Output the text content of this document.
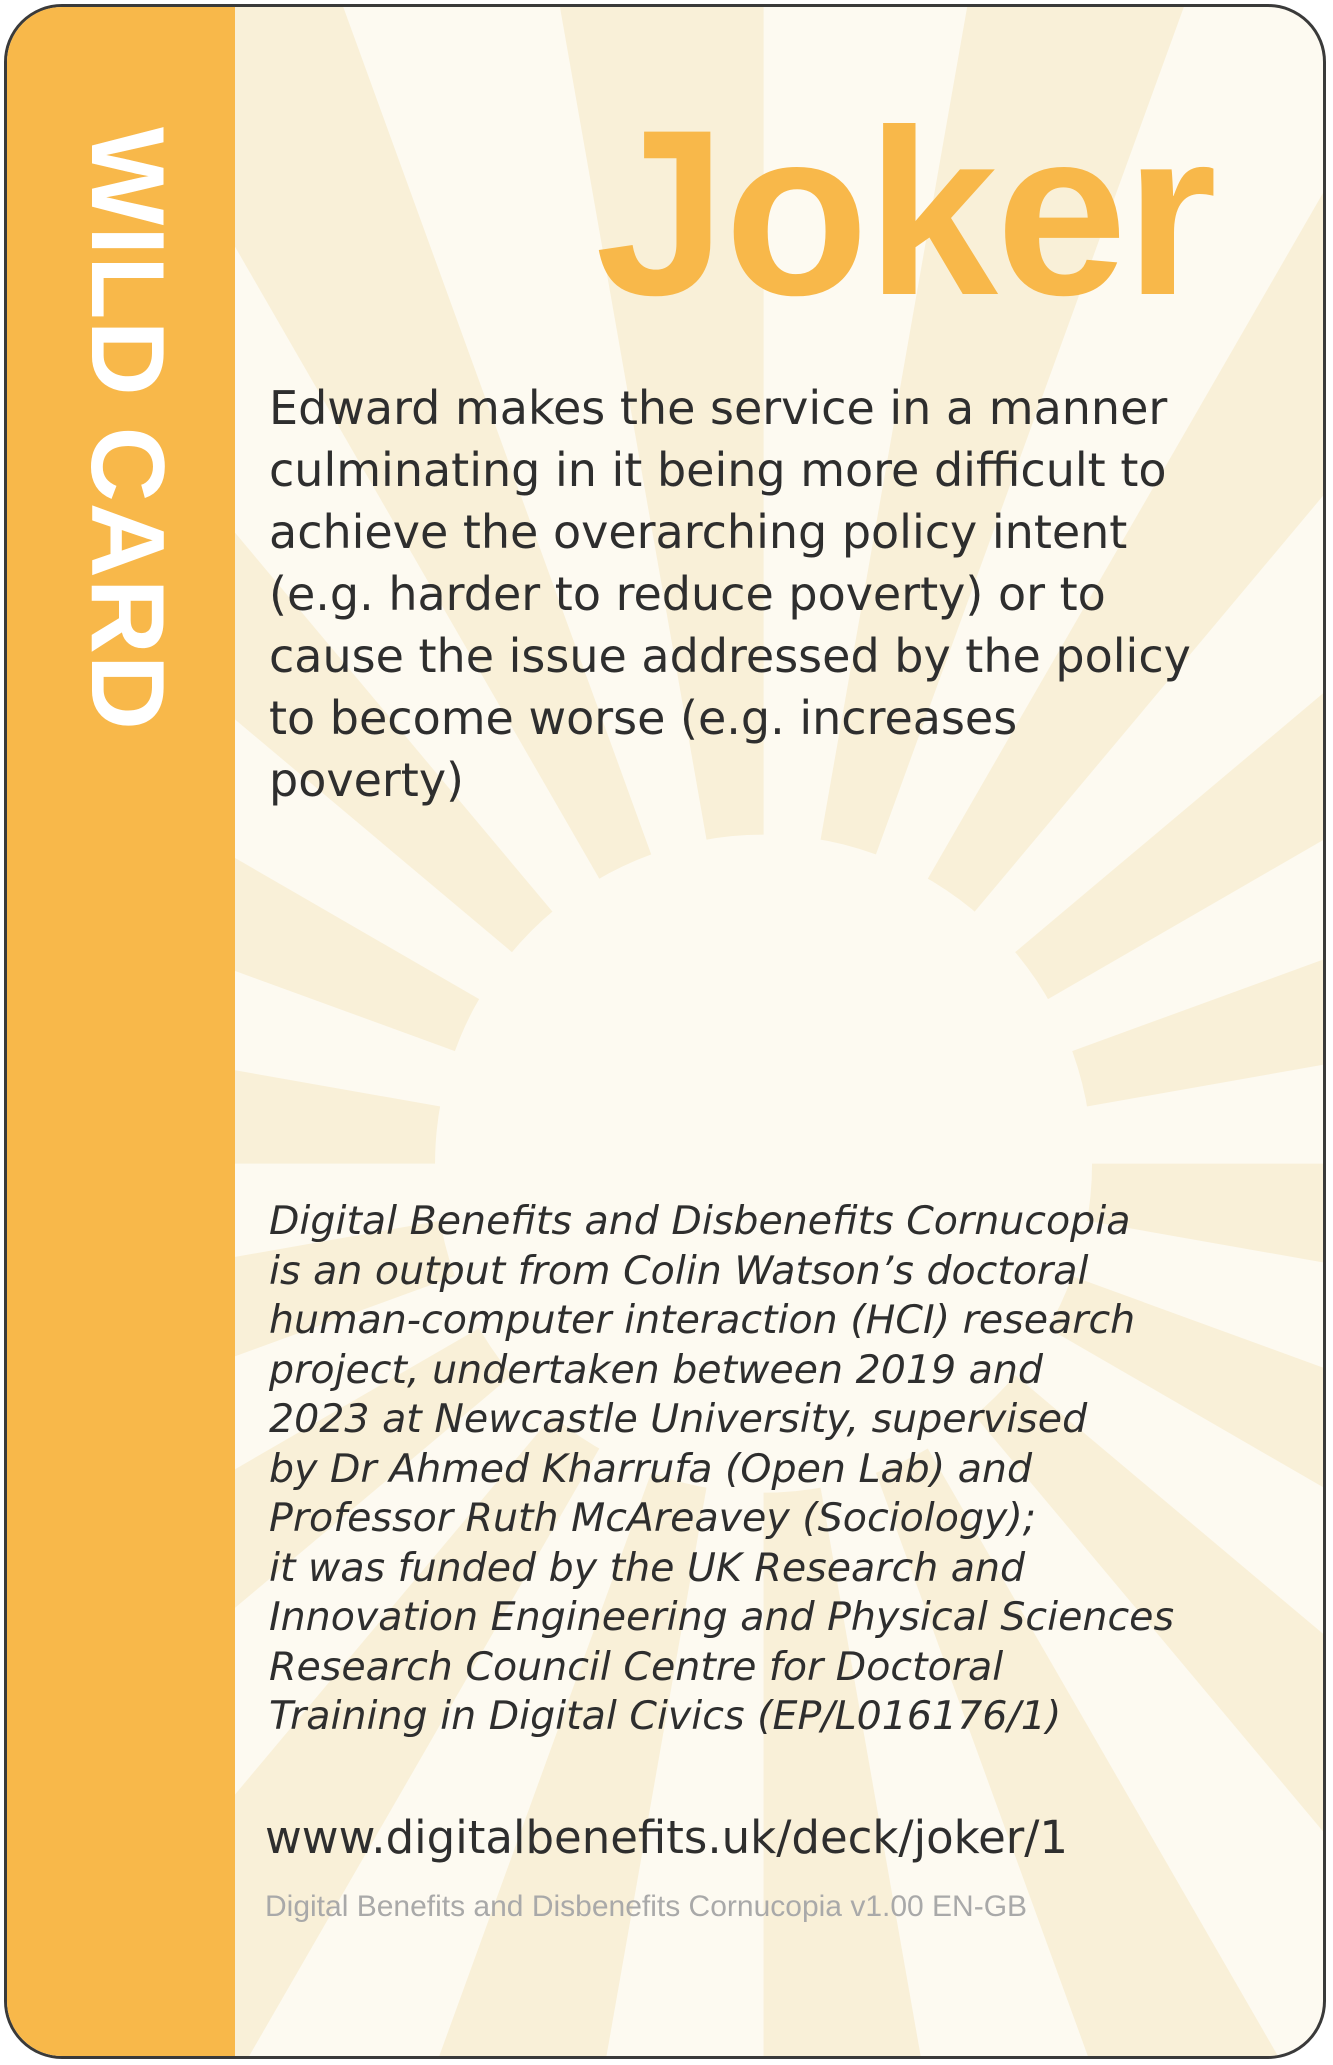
WILD CARD Joker

Edward makes the service in a manner culminating in it being more difficult to achieve the overarching policy intent (e.g. harder to reduce poverty) or to cause the issue addressed by the policy to become worse (e.g. increases poverty)

Digital Benefits and Disbenefits Cornucopia
is an output from Colin Watson’s doctoral
human-computer interaction (HCI) research
project, undertaken between 2019 and
2023 at Newcastle University, supervised
by Dr Ahmed Kharrufa (Open Lab) and
Professor Ruth McAreavey (Sociology);
it was funded by the UK Research and
Innovation Engineering and Physical Sciences
Research Council Centre for Doctoral
Training in Digital Civics (EP/L016176/1)
www.digitalbenefits.uk/deck/joker/1
Digital Benefits and Disbenefits Cornucopia v1.00 EN-GB
